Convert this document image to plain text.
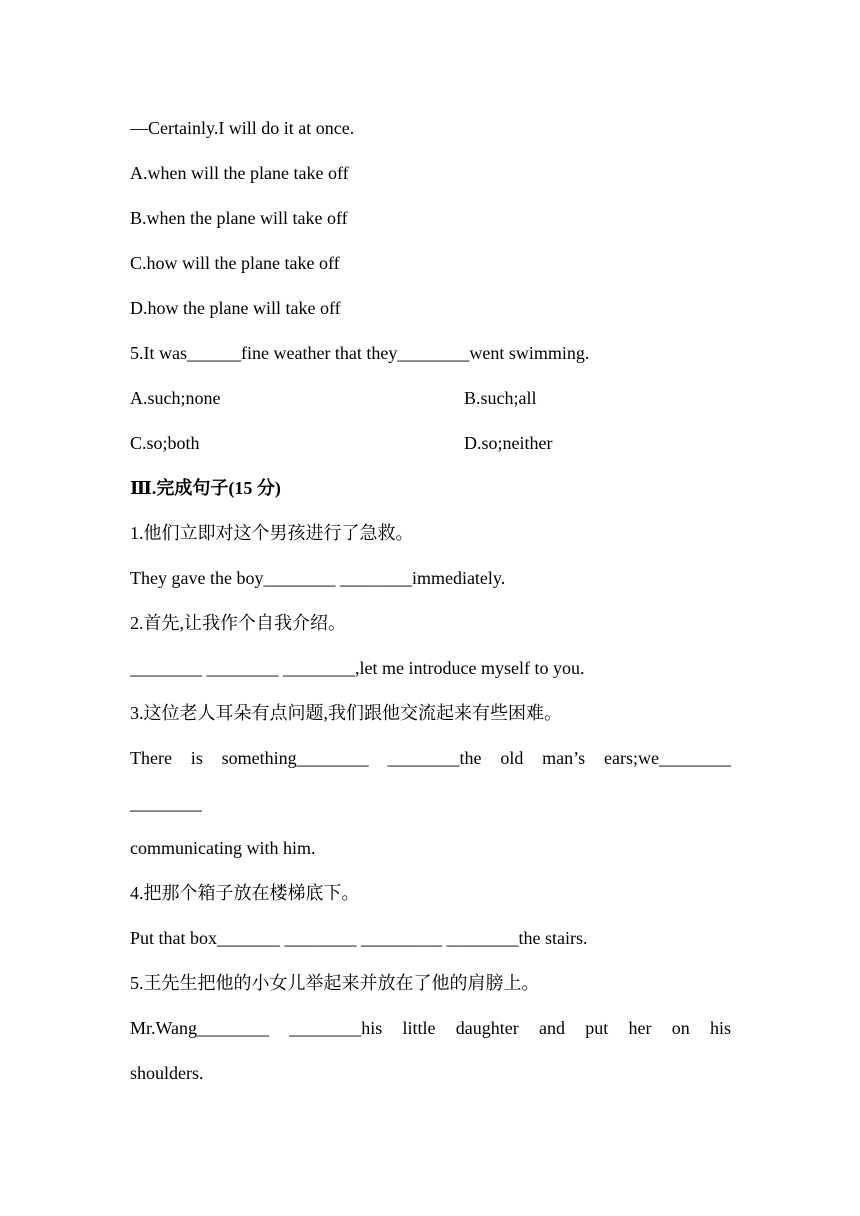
—Certainly.I will do it at once.

A.when will the plane take off

B.when the plane will take off

C.how will the plane take off

D.how the plane will take off

5.It was______fine weather that they________went swimming.

A.such;none	B.such;all

C.so;both	D.so;neither

Ⅲ.完成句子(15 分)

1.他们立即对这个男孩进行了急救。

They gave the boy________ ________immediately.

2.首先,让我作个自我介绍。

________ ________ ________,let me introduce myself to you.

3.这位老人耳朵有点问题,我们跟他交流起来有些困难。

There is something________ ________the old man’s ears;we________

________

communicating with him.

4.把那个箱子放在楼梯底下。

Put that box_______ ________ _________ ________the stairs.

5.王先生把他的小女儿举起来并放在了他的肩膀上。

Mr.Wang________ ________his little daughter and put her on his

shoulders.
